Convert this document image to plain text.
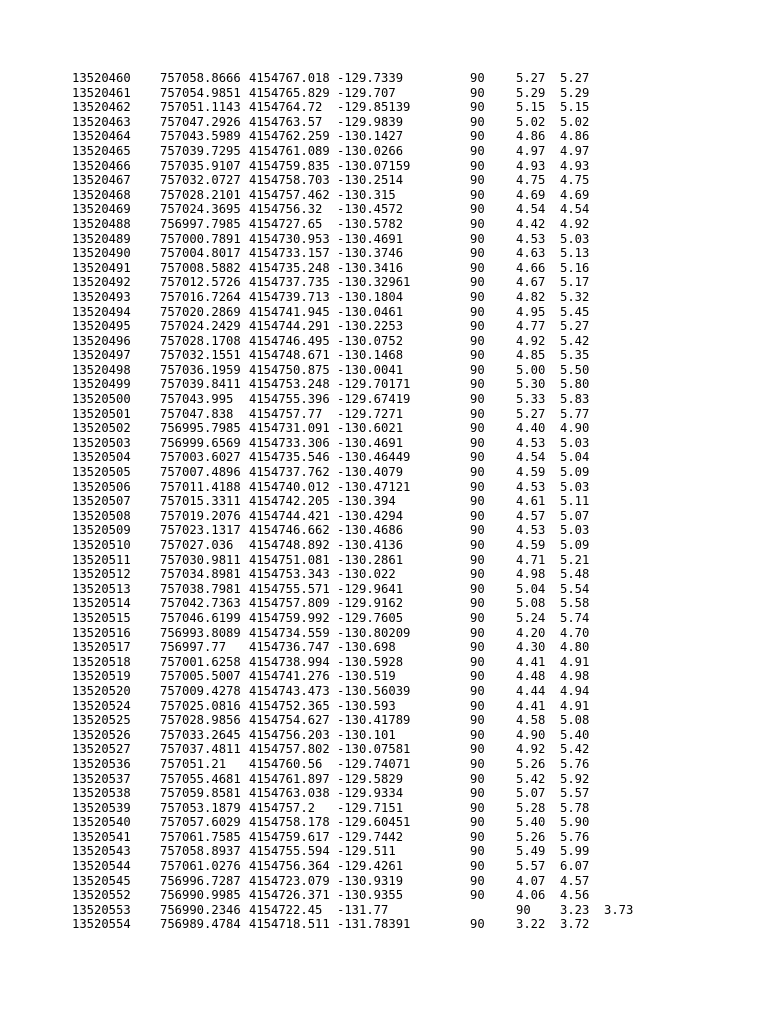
13520460 757058.8666 4154767.018 -129.7339	90	5.27 5.27
13520461 757054.9851 4154765.829 -129.707	90	5.29 5.29
13520462 757051.1143 4154764.72 -129.85139	90	5.15 5.15
13520463 757047.2926 4154763.57 -129.9839	90	5.02 5.02
13520464 757043.5989 4154762.259 -130.1427	90	4.86 4.86
13520465 757039.7295 4154761.089 -130.0266	90	4.97 4.97
13520466 757035.9107 4154759.835 -130.07159	90	4.93 4.93
13520467 757032.0727 4154758.703 -130.2514	90	4.75 4.75
13520468 757028.2101 4154757.462 -130.315	90	4.69 4.69
13520469 757024.3695 4154756.32 -130.4572	90	4.54 4.54
13520488 756997.7985 4154727.65 -130.5782	90	4.42 4.92
13520489 757000.7891 4154730.953 -130.4691	90	4.53 5.03
13520490 757004.8017 4154733.157 -130.3746	90	4.63 5.13
13520491 757008.5882 4154735.248 -130.3416	90	4.66 5.16
13520492 757012.5726 4154737.735 -130.32961	90	4.67 5.17
13520493 757016.7264 4154739.713 -130.1804	90	4.82 5.32
13520494 757020.2869 4154741.945 -130.0461	90	4.95 5.45
13520495 757024.2429 4154744.291 -130.2253	90	4.77 5.27
13520496 757028.1708 4154746.495 -130.0752	90	4.92 5.42
13520497 757032.1551 4154748.671 -130.1468	90	4.85 5.35
13520498 757036.1959 4154750.875 -130.0041	90	5.00 5.50
13520499 757039.8411 4154753.248 -129.70171	90	5.30 5.80
13520500 757043.995 4154755.396 -129.67419	90	5.33 5.83
13520501 757047.838 4154757.77 -129.7271	90	5.27 5.77
13520502 756995.7985 4154731.091 -130.6021	90	4.40 4.90
13520503 756999.6569 4154733.306 -130.4691	90	4.53 5.03
13520504 757003.6027 4154735.546 -130.46449	90	4.54 5.04
13520505 757007.4896 4154737.762 -130.4079	90	4.59 5.09
13520506 757011.4188 4154740.012 -130.47121	90	4.53 5.03
13520507 757015.3311 4154742.205 -130.394	90	4.61 5.11
13520508 757019.2076 4154744.421 -130.4294	90	4.57 5.07
13520509 757023.1317 4154746.662 -130.4686	90	4.53 5.03
13520510 757027.036 4154748.892 -130.4136	90	4.59 5.09
13520511 757030.9811 4154751.081 -130.2861	90	4.71 5.21
13520512 757034.8981 4154753.343 -130.022	90	4.98 5.48
13520513 757038.7981 4154755.571 -129.9641	90	5.04 5.54
13520514 757042.7363 4154757.809 -129.9162	90	5.08 5.58
13520515 757046.6199 4154759.992 -129.7605	90	5.24 5.74
13520516 756993.8089 4154734.559 -130.80209	90	4.20 4.70
13520517 756997.77 4154736.747 -130.698	90	4.30 4.80
13520518 757001.6258 4154738.994 -130.5928	90	4.41 4.91
13520519 757005.5007 4154741.276 -130.519	90	4.48 4.98
13520520 757009.4278 4154743.473 -130.56039	90	4.44 4.94
13520524 757025.0816 4154752.365 -130.593	90	4.41 4.91
13520525 757028.9856 4154754.627 -130.41789	90	4.58 5.08
13520526 757033.2645 4154756.203 -130.101	90	4.90 5.40
13520527 757037.4811 4154757.802 -130.07581	90	4.92 5.42
13520536 757051.21 4154760.56 -129.74071	90	5.26 5.76
13520537 757055.4681 4154761.897 -129.5829	90	5.42 5.92
13520538 757059.8581 4154763.038 -129.9334	90	5.07 5.57
13520539 757053.1879 4154757.2 -129.7151	90	5.28 5.78
13520540 757057.6029 4154758.178 -129.60451	90	5.40 5.90
13520541 757061.7585 4154759.617 -129.7442	90	5.26 5.76
13520543 757058.8937 4154755.594 -129.511	90	5.49 5.99
13520544 757061.0276 4154756.364 -129.4261	90	5.57 6.07
13520545 756996.7287 4154723.079 -130.9319	90	4.07 4.57
13520552 756990.9985 4154726.371 -130.9355	90	4.06 4.56
13520553 756990.2346 4154722.45 -131.77	90 3.23 3.73
13520554 756989.4784 4154718.511 -131.78391	90	3.22 3.72
